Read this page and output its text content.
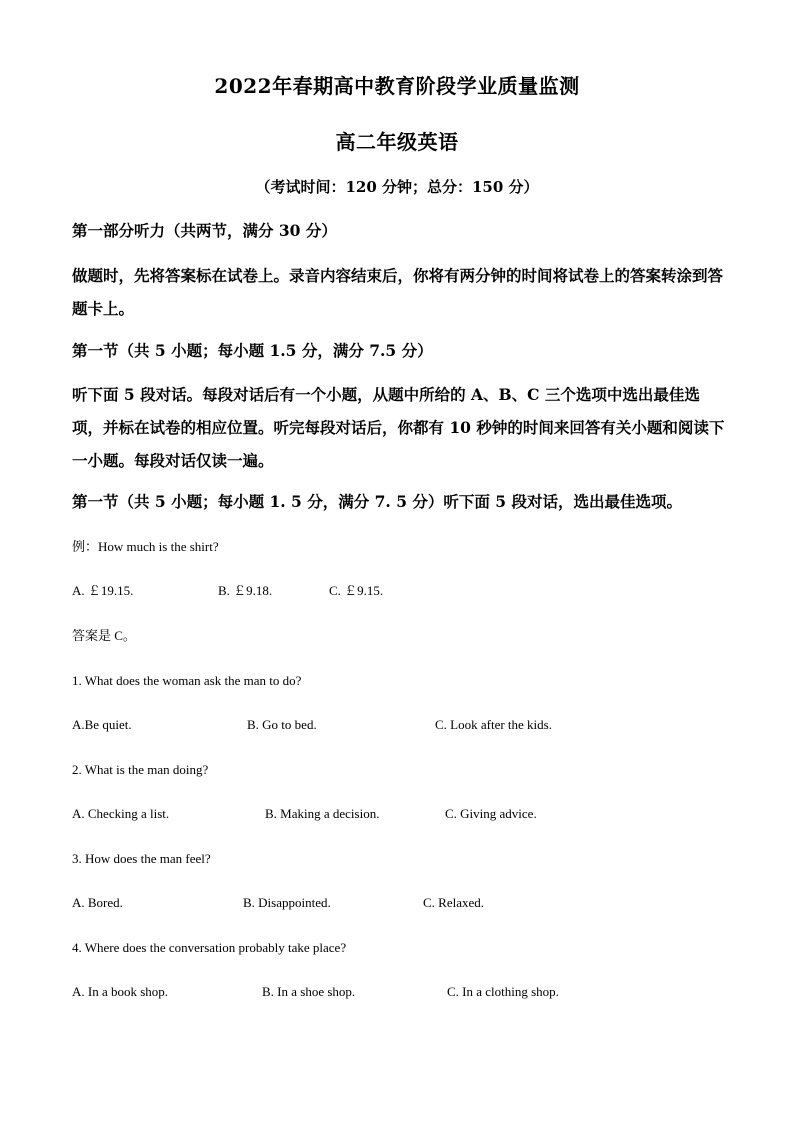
2022年春期高中教育阶段学业质量监测
高二年级英语
（考试时间：120 分钟；总分：150 分）
第一部分听力（共两节，满分 30 分）
做题时，先将答案标在试卷上。录音内容结束后，你将有两分钟的时间将试卷上的答案转涂到答题卡上。
第一节（共 5 小题；每小题 1.5 分，满分 7.5 分）
听下面 5 段对话。每段对话后有一个小题，从题中所给的 A、B、C 三个选项中选出最佳选项，并标在试卷的相应位置。听完每段对话后，你都有 10 秒钟的时间来回答有关小题和阅读下一小题。每段对话仅读一遍。
第一节（共 5 小题；每小题 1. 5 分，满分 7. 5 分）听下面 5 段对话，选出最佳选项。
例：How much is the shirt?
A. ￡19.15.	B. ￡9.18.	C. ￡9.15.
答案是 C。
1. What does the woman ask the man to do?
A.Be quiet.	B. Go to bed.	C. Look after the kids.
2. What is the man doing?
A. Checking a list.	B. Making a decision.	C. Giving advice.
3. How does the man feel?
A. Bored.	B. Disappointed.	C. Relaxed.
4. Where does the conversation probably take place?
A. In a book shop.	B. In a shoe shop.	C. In a clothing shop.
